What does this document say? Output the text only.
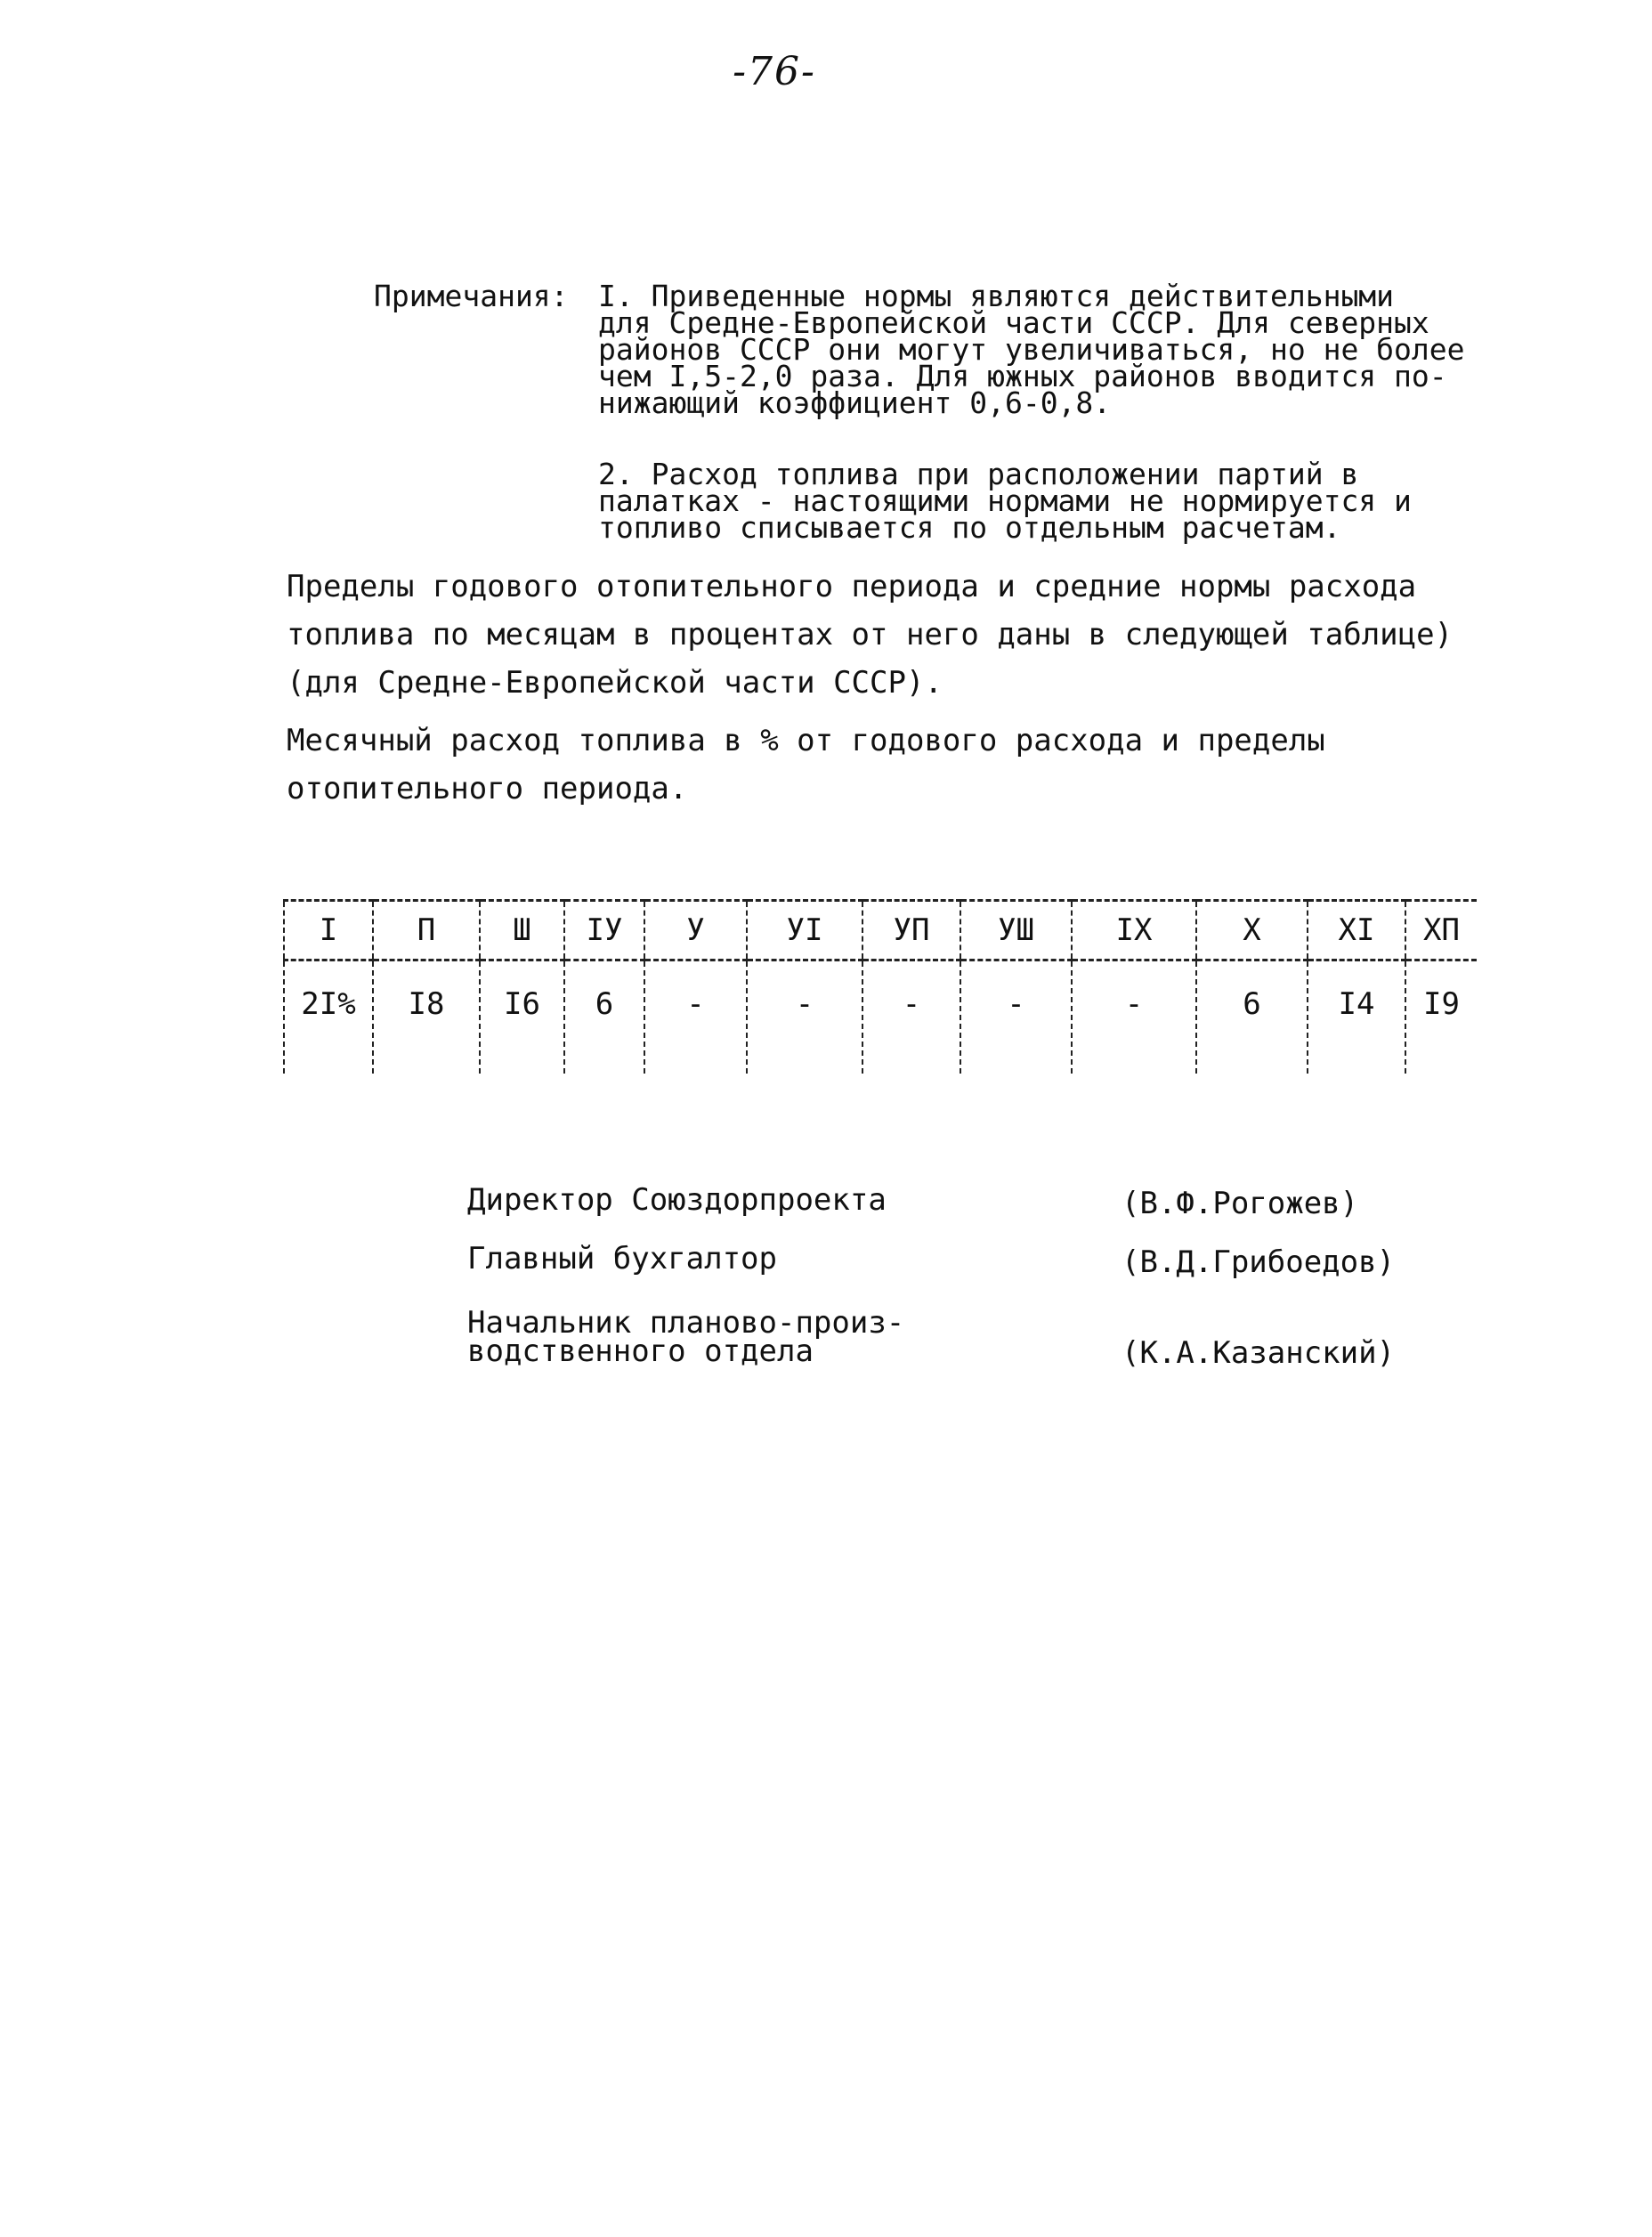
-76-
Примечания: I. Приведенные нормы являются действительными
для Средне-Европейской части СССР. Для северных
районов СССР они могут увеличиваться, но не более
чем I,5-2,0 раза. Для южных районов вводится по-
нижающий коэффициент 0,6-0,8.
2. Расход топлива при расположении партий в
палатках - настоящими нормами не нормируется и
топливо списывается по отдельным расчетам.
Пределы годового отопительного периода и средние нормы расхода
топлива по месяцам в процентах от него даны в следующей таблице)
(для Средне-Европейской части СССР).
Месячный расход топлива в % от годового расхода и пределы
отопительного периода.
I	П	Ш	IУ	У	УI	УП	УШ	IХ	Х	ХI	ХП
2I%	I8	I6	6	-	-	-	-	-	6	I4	I9
Директор Союздорпроекта	(В.Ф.Рогожев)
Главный бухгалтор	(В.Д.Грибоедов)
Начальник планово-произ-
водственного отдела	(К.А.Казанский)
